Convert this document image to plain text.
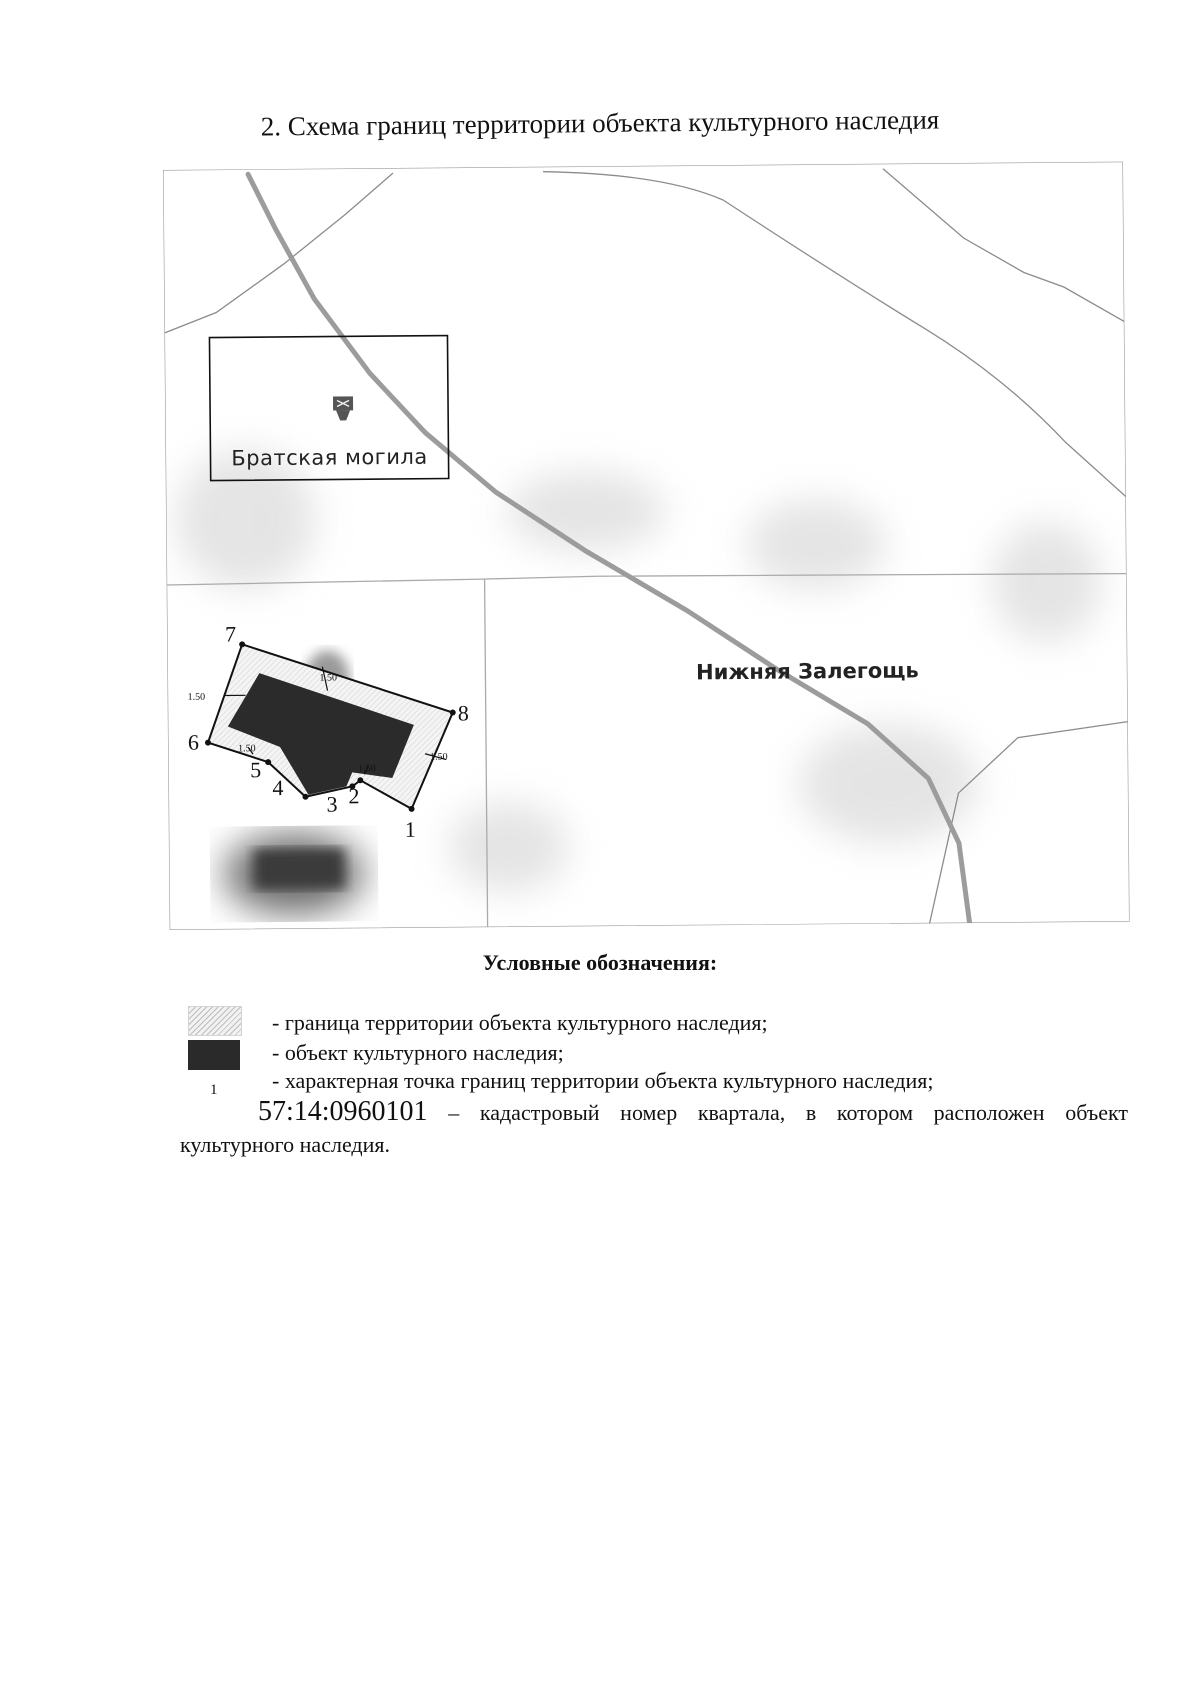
2. Схема границ территории объекта культурного наследия
Братская могила
Нижняя Залегощь
1
2
3
4
5
6
7
8
1.50
1.50
1.50
1.50
1.50
Условные обозначения:
- граница территории объекта культурного наследия;
- объект культурного наследия;
1 - характерная точка границ территории объекта культурного наследия;
57:14:0960101 – кадастровый номер квартала, в котором расположен объект
культурного наследия.
